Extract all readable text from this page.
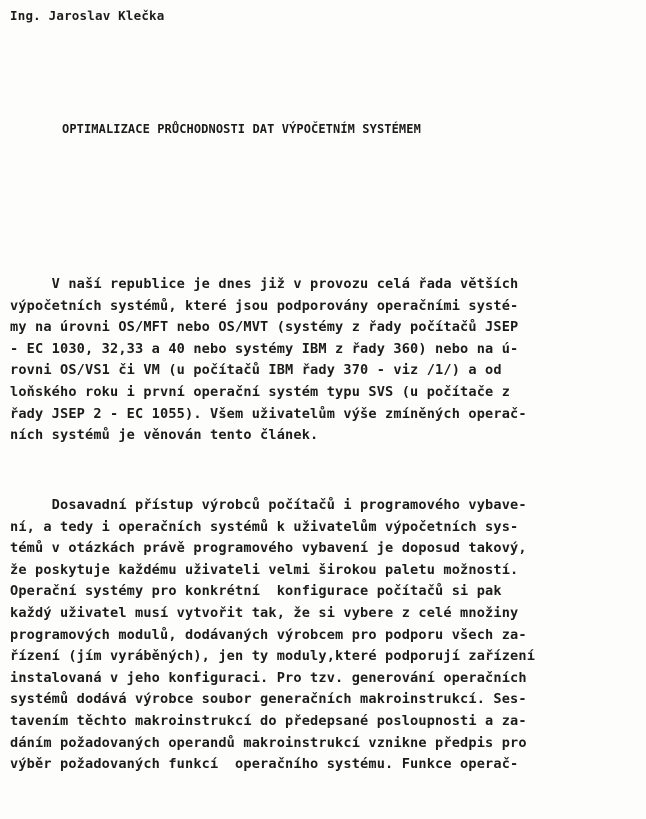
Ing. Jaroslav Klečka
OPTIMALIZACE PRŮCHODNOSTI DAT VÝPOČETNÍM SYSTÉMEM
V naší republice je dnes již v provozu celá řada větších
výpočetních systémů, které jsou podporovány operačními systé-
my na úrovni OS/MFT nebo OS/MVT (systémy z řady počítačů JSEP
- EC 1030, 32,33 a 40 nebo systémy IBM z řady 360) nebo na ú-
rovni OS/VS1 či VM (u počítačů IBM řady 370 - viz /1/) a od
loňského roku i první operační systém typu SVS (u počítače z
řady JSEP 2 - EC 1055). Všem uživatelům výše zmíněných operač-
ních systémů je věnován tento článek.
Dosavadní přístup výrobců počítačů i programového vybave-
ní, a tedy i operačních systémů k uživatelům výpočetních sys-
témů v otázkách právě programového vybavení je doposud takový,
že poskytuje každému uživateli velmi širokou paletu možností.
Operační systémy pro konkrétní  konfigurace počítačů si pak
každý uživatel musí vytvořit tak, že si vybere z celé množiny
programových modulů, dodávaných výrobcem pro podporu všech za-
řízení (jím vyráběných), jen ty moduly,které podporují zařízení
instalovaná v jeho konfiguraci. Pro tzv. generování operačních
systémů dodává výrobce soubor generačních makroinstrukcí. Ses-
tavením těchto makroinstrukcí do předepsané posloupnosti a za-
dáním požadovaných operandů makroinstrukcí vznikne předpis pro
výběr požadovaných funkcí  operačního systému. Funkce operač-
